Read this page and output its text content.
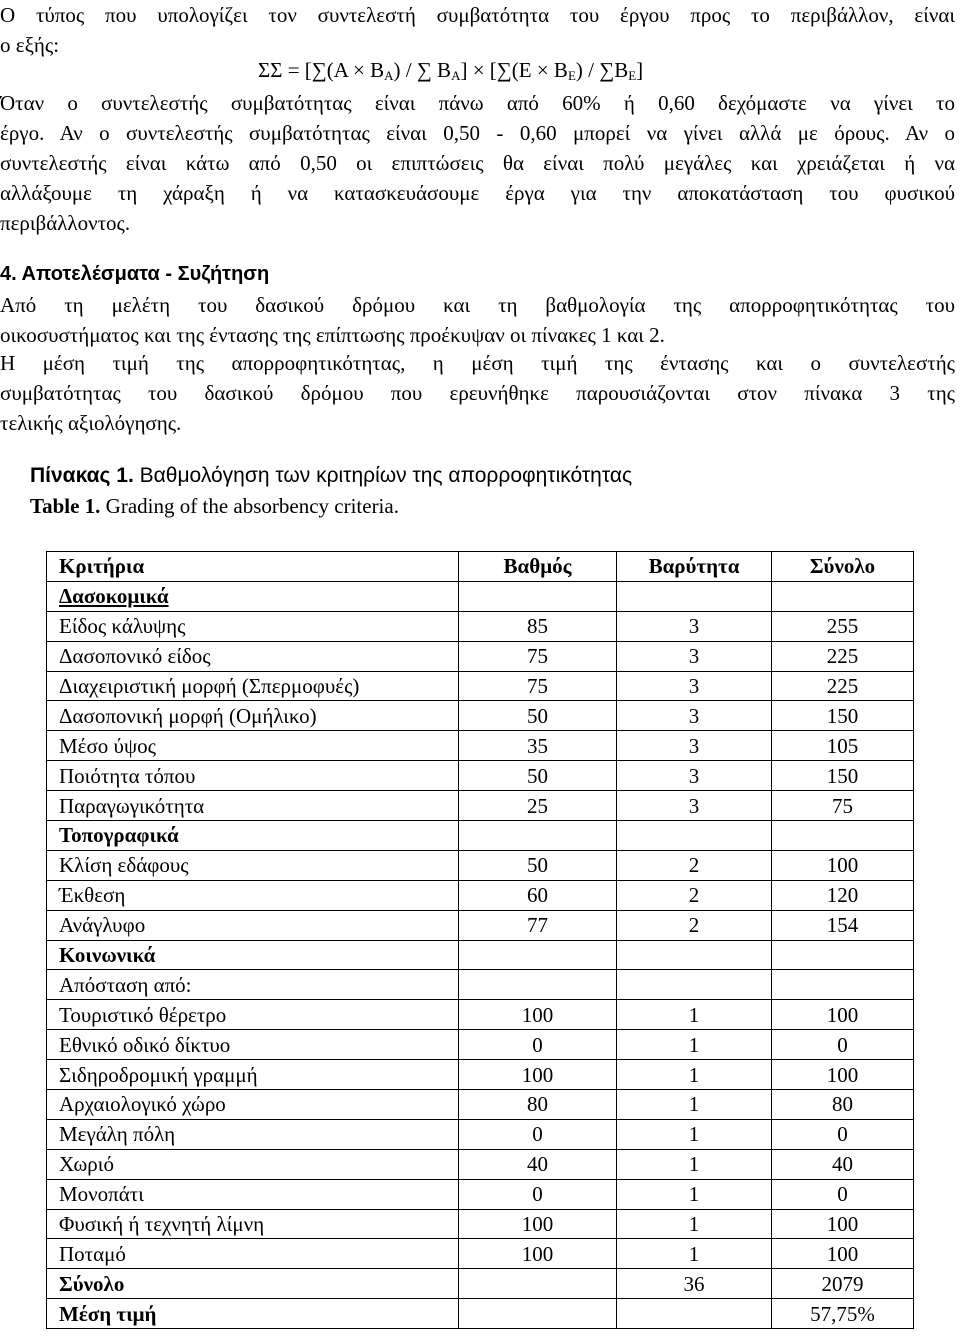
Ο τύπος που υπολογίζει τον συντελεστή συμβατότητα του έργου προς το περιβάλλον, είναι
ο εξής:
$\Sigma\Sigma = [\sum(A \times B_A)$ / ∑ $B_A] \times [\sum(E \times B_E) / \sum B_E]$
Όταν ο συντελεστής συμβατότητας είναι πάνω από 60% ή 0,60 δεχόμαστε να γίνει το
έργο. Αν ο συντελεστής συμβατότητας είναι 0,50 - 0,60 μπορεί να γίνει αλλά με όρους. Αν ο
συντελεστής είναι κάτω από 0,50 οι επιπτώσεις θα είναι πολύ μεγάλες και χρειάζεται ή να
αλλάξουμε τη χάραξη ή να κατασκευάσουμε έργα για την αποκατάσταση του φυσικού
περιβάλλοντος.
4. Αποτελέσματα - Συζήτηση
Από τη μελέτη του δασικού δρόμου και τη βαθμολογία της απορροφητικότητας του
οικοσυστήματος και της έντασης της επίπτωσης προέκυψαν οι πίνακες 1 και 2.
Η μέση τιμή της απορροφητικότητας, η μέση τιμή της έντασης και ο συντελεστής
συμβατότητας του δασικού δρόμου που ερευνήθηκε παρουσιάζονται στον πίνακα 3 της
τελικής αξιολόγησης.
Πίνακας 1. Βαθμολόγηση των κριτηρίων της απορροφητικότητας
Table 1. Grading of the absorbency criteria.
Κριτήρια	Βαθμός	Βαρύτητα	Σύνολο
Δασοκομικά			
Είδος κάλυψης	85	3	255
Δασοπονικό είδος	75	3	225
Διαχειριστική μορφή (Σπερμοφυές)	75	3	225
Δασοπονική μορφή (Ομήλικο)	50	3	150
Μέσο ύψος	35	3	105
Ποιότητα τόπου	50	3	150
Παραγωγικότητα	25	3	75
Τοπογραφικά			
Κλίση εδάφους	50	2	100
Έκθεση	60	2	120
Ανάγλυφο	77	2	154
Κοινωνικά			
Απόσταση από:			
Τουριστικό θέρετρο	100	1	100
Εθνικό οδικό δίκτυο	0	1	0
Σιδηροδρομική γραμμή	100	1	100
Αρχαιολογικό χώρο	80	1	80
Μεγάλη πόλη	0	1	0
Χωριό	40	1	40
Μονοπάτι	0	1	0
Φυσική ή τεχνητή λίμνη	100	1	100
Ποταμό	100	1	100
Σύνολο		36	2079
Μέση τιμή			57,75%
